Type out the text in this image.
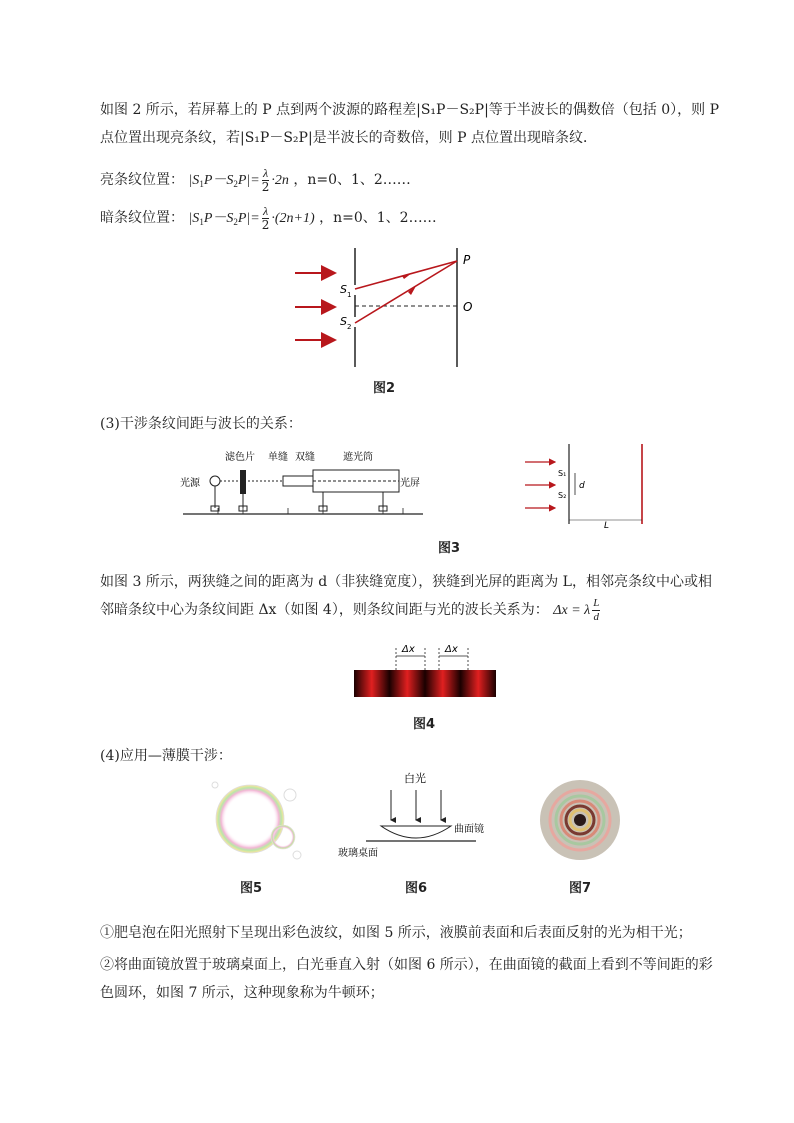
如图 2 所示，若屏幕上的 P 点到两个波源的路程差|S₁P－S₂P|等于半波长的偶数倍（包括 0），则 P 点位置出现亮条纹，若|S₁P－S₂P|是半波长的奇数倍，则 P 点位置出现暗条纹．

亮条纹位置： $|S_1P-S_2P|= \frac{\lambda}{2} \cdot 2n$ ，n=0、1、2……
暗条纹位置： $|S_1P-S_2P|= \frac{\lambda}{2} \cdot(2n+1)$ ，n=0、1、2……
S 1
S 2
P
O
图2

(3)干涉条纹间距与波长的关系：

滤色片 单缝 双缝	遮光筒
光源	光屏	d
S₁
S₂
L
图3

如图 3 所示，两狭缝之间的距离为 d（非狭缝宽度），狭缝到光屏的距离为 L，相邻亮条纹中心或相邻暗条纹中心为条纹间距 Δx（如图 4），则条纹间距与光的波长关系为： Δx = λ $\frac{L}{d}$

Δx	Δx
图4

(4)应用—薄膜干涉：

图5
白光
曲面镜
玻璃桌面
图6	图7

①肥皂泡在阳光照射下呈现出彩色波纹，如图 5 所示，液膜前表面和后表面反射的光为相干光；

②将曲面镜放置于玻璃桌面上，白光垂直入射（如图 6 所示），在曲面镜的截面上看到不等间距的彩色圆环，如图 7 所示，这种现象称为牛顿环；
